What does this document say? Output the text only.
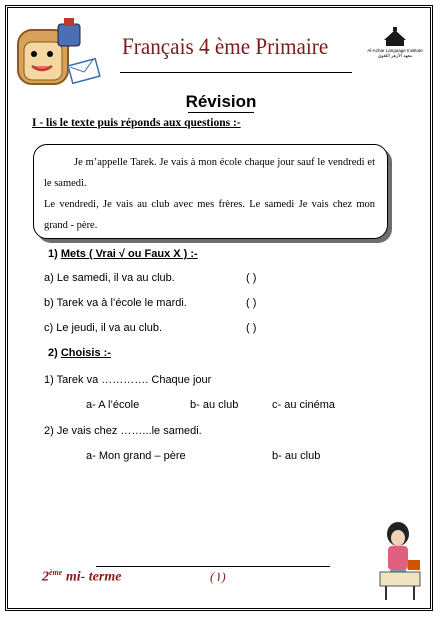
Français 4 ème Primaire	Al-Azhar Language Institute
معهد الأزهر اللغوي
Révision
I - lis le texte puis réponds aux questions :-

Je m’appelle Tarek. Je vais à mon école chaque jour sauf le vendredi et le samedi.

Le vendredi, Je vais au club avec mes frères. Le samedi Je vais chez mon grand - père.

1) Mets ( Vrai √ ou Faux X ) :-
a) Le samedi, il va au club.	( )
b) Tarek va à l’école le mardi.	( )
c) Le jeudi, il va au club.	( )
2) Choisis :-
1) Tarek va …………. Chaque jour
a- A l’école	b- au club	c- au cinéma
2) Je vais chez ……...le samedi.
a- Mon grand – père	b- au club
2ème mi- terme	(١)
